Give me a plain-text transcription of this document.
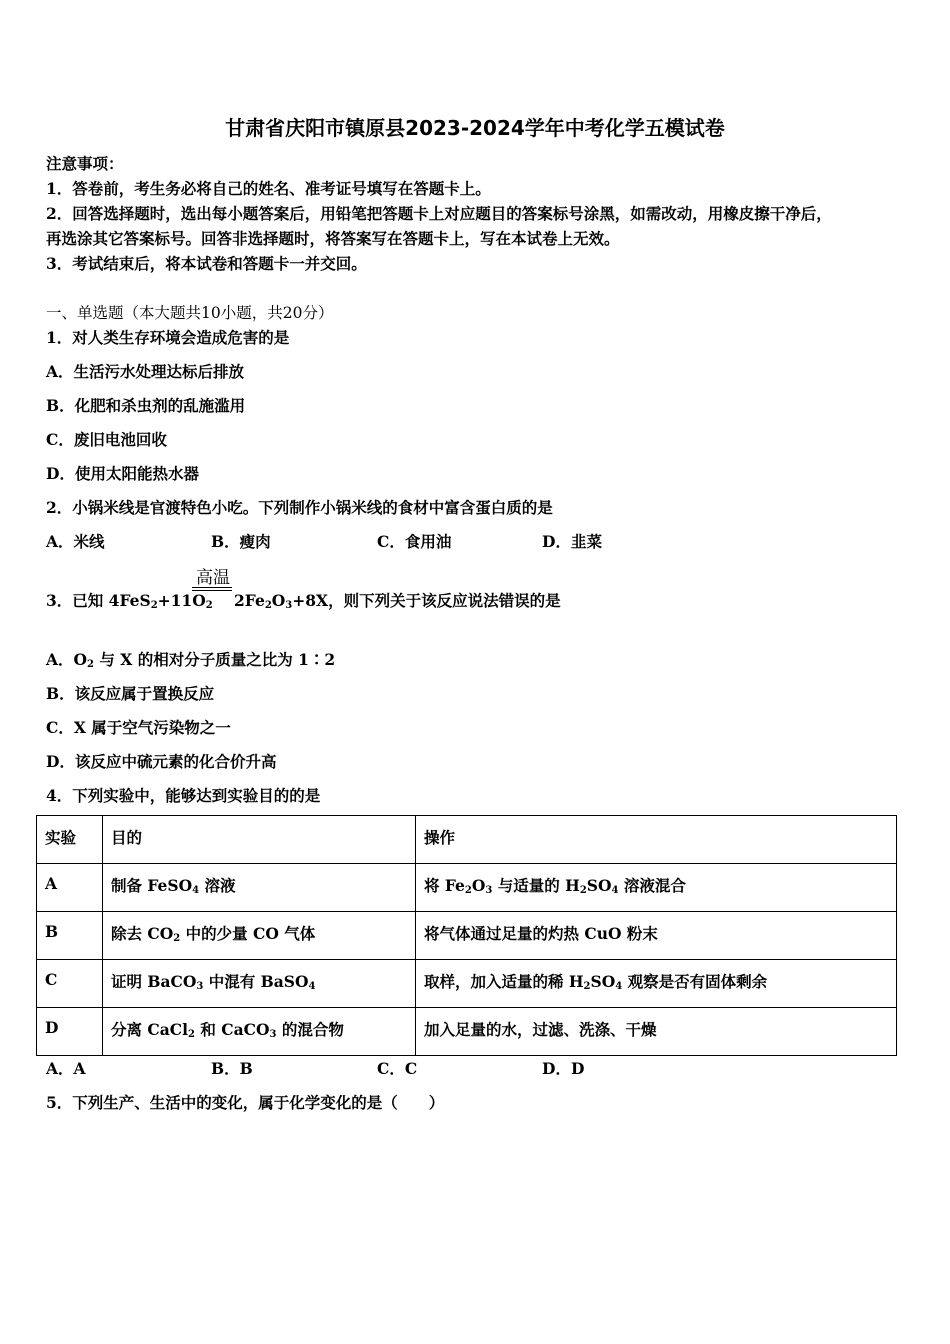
甘肃省庆阳市镇原县2023-2024学年中考化学五模试卷
注意事项：
1．答卷前，考生务必将自己的姓名、准考证号填写在答题卡上。
2．回答选择题时，选出每小题答案后，用铅笔把答题卡上对应题目的答案标号涂黑，如需改动，用橡皮擦干净后，
再选涂其它答案标号。回答非选择题时，将答案写在答题卡上，写在本试卷上无效。
3．考试结束后，将本试卷和答题卡一并交回。
一、单选题（本大题共10小题，共20分）
1．对人类生存环境会造成危害的是
A．生活污水处理达标后排放
B．化肥和杀虫剂的乱施滥用
C．废旧电池回收
D．使用太阳能热水器
2．小锅米线是官渡特色小吃。下列制作小锅米线的食材中富含蛋白质的是
A．米线	B．瘦肉	C．食用油	D．韭菜
3．已知 $4FeS_2+11O_2$
高温
$2Fe_2O_3+8X$，则下列关于该反应说法错误的是
A．$O_2$ 与 X 的相对分子质量之比为 1∶2
B．该反应属于置换反应
C．X 属于空气污染物之一
D．该反应中硫元素的化合价升高
4．下列实验中，能够达到实验目的的是
实验	目的	操作
A	制备 FeSO$_4$ 溶液	将 $Fe_2O_3$ 与适量的 $H_2SO_4$ 溶液混合
B	除去 $CO_2$ 中的少量 CO 气体	将气体通过足量的灼热 CuO 粉末
C	证明 BaCO$_3$ 中混有 BaSO$_4$	取样，加入适量的稀 $H_2SO_4$ 观察是否有固体剩余
D	分离 CaCl$_2$ 和 CaCO$_3$ 的混合物	加入足量的水，过滤、洗涤、干燥
A．A	B．B	C．C	D．D
5．下列生产、生活中的变化，属于化学变化的是（　　）
